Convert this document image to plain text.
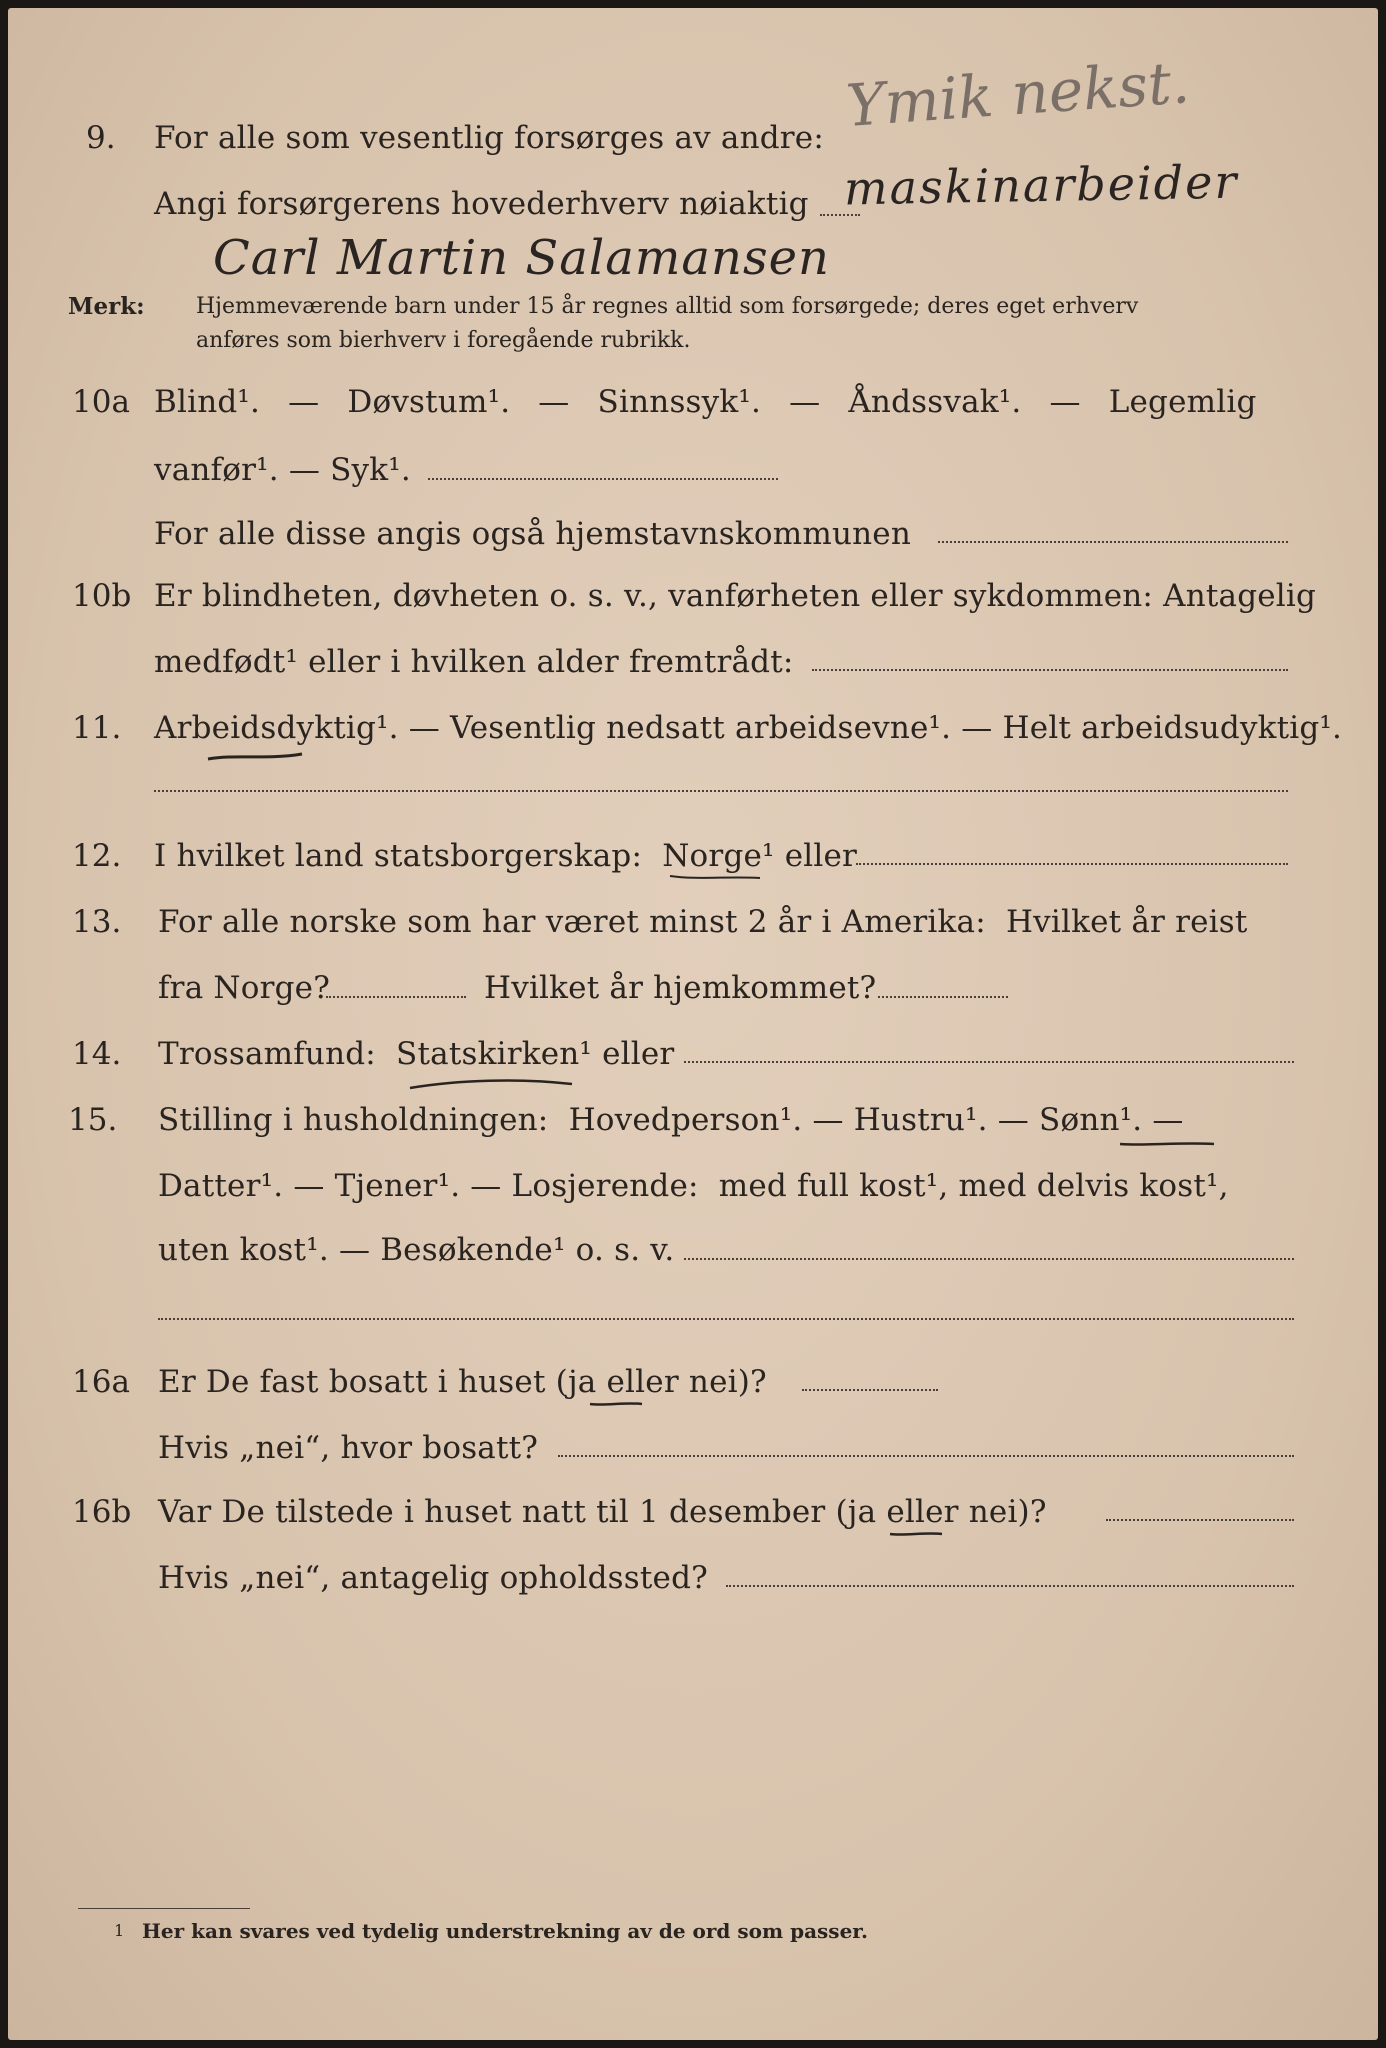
9. For alle som vesentlig forsørges av andre: Ymik nekst.
Angi forsørgerens hovederhverv nøiaktig maskinarbeider
Carl Martin Salamansen
Merk: Hjemmeværende barn under 15 år regnes alltid som forsørgede; deres eget erhverv
anføres som bierhverv i foregående rubrikk.
10a Blind¹. — Døvstum¹. — Sinnssyk¹. — Åndssvak¹. — Legemlig
vanfør¹. — Syk¹.
For alle disse angis også hjemstavnskommunen
10b Er blindheten, døvheten o. s. v., vanførheten eller sykdommen: Antagelig
medfødt¹ eller i hvilken alder fremtrådt:
11. Arbeidsdyktig¹. — Vesentlig nedsatt arbeidsevne¹. — Helt arbeidsudyktig¹.
12. I hvilket land statsborgerskap:  Norge¹ eller
13. For alle norske som har været minst 2 år i Amerika:  Hvilket år reist
fra Norge?	Hvilket år hjemkommet?
14. Trossamfund:  Statskirken¹ eller
15. Stilling i husholdningen:  Hovedperson¹. — Hustru¹. — Sønn¹. —
Datter¹. — Tjener¹. — Losjerende:  med full kost¹, med delvis kost¹,
uten kost¹. — Besøkende¹ o. s. v.
16a Er De fast bosatt i huset (ja eller nei)?
Hvis „nei“, hvor bosatt?
16b Var De tilstede i huset natt til 1 desember (ja eller nei)?
Hvis „nei“, antagelig opholdssted?
1 Her kan svares ved tydelig understrekning av de ord som passer.
